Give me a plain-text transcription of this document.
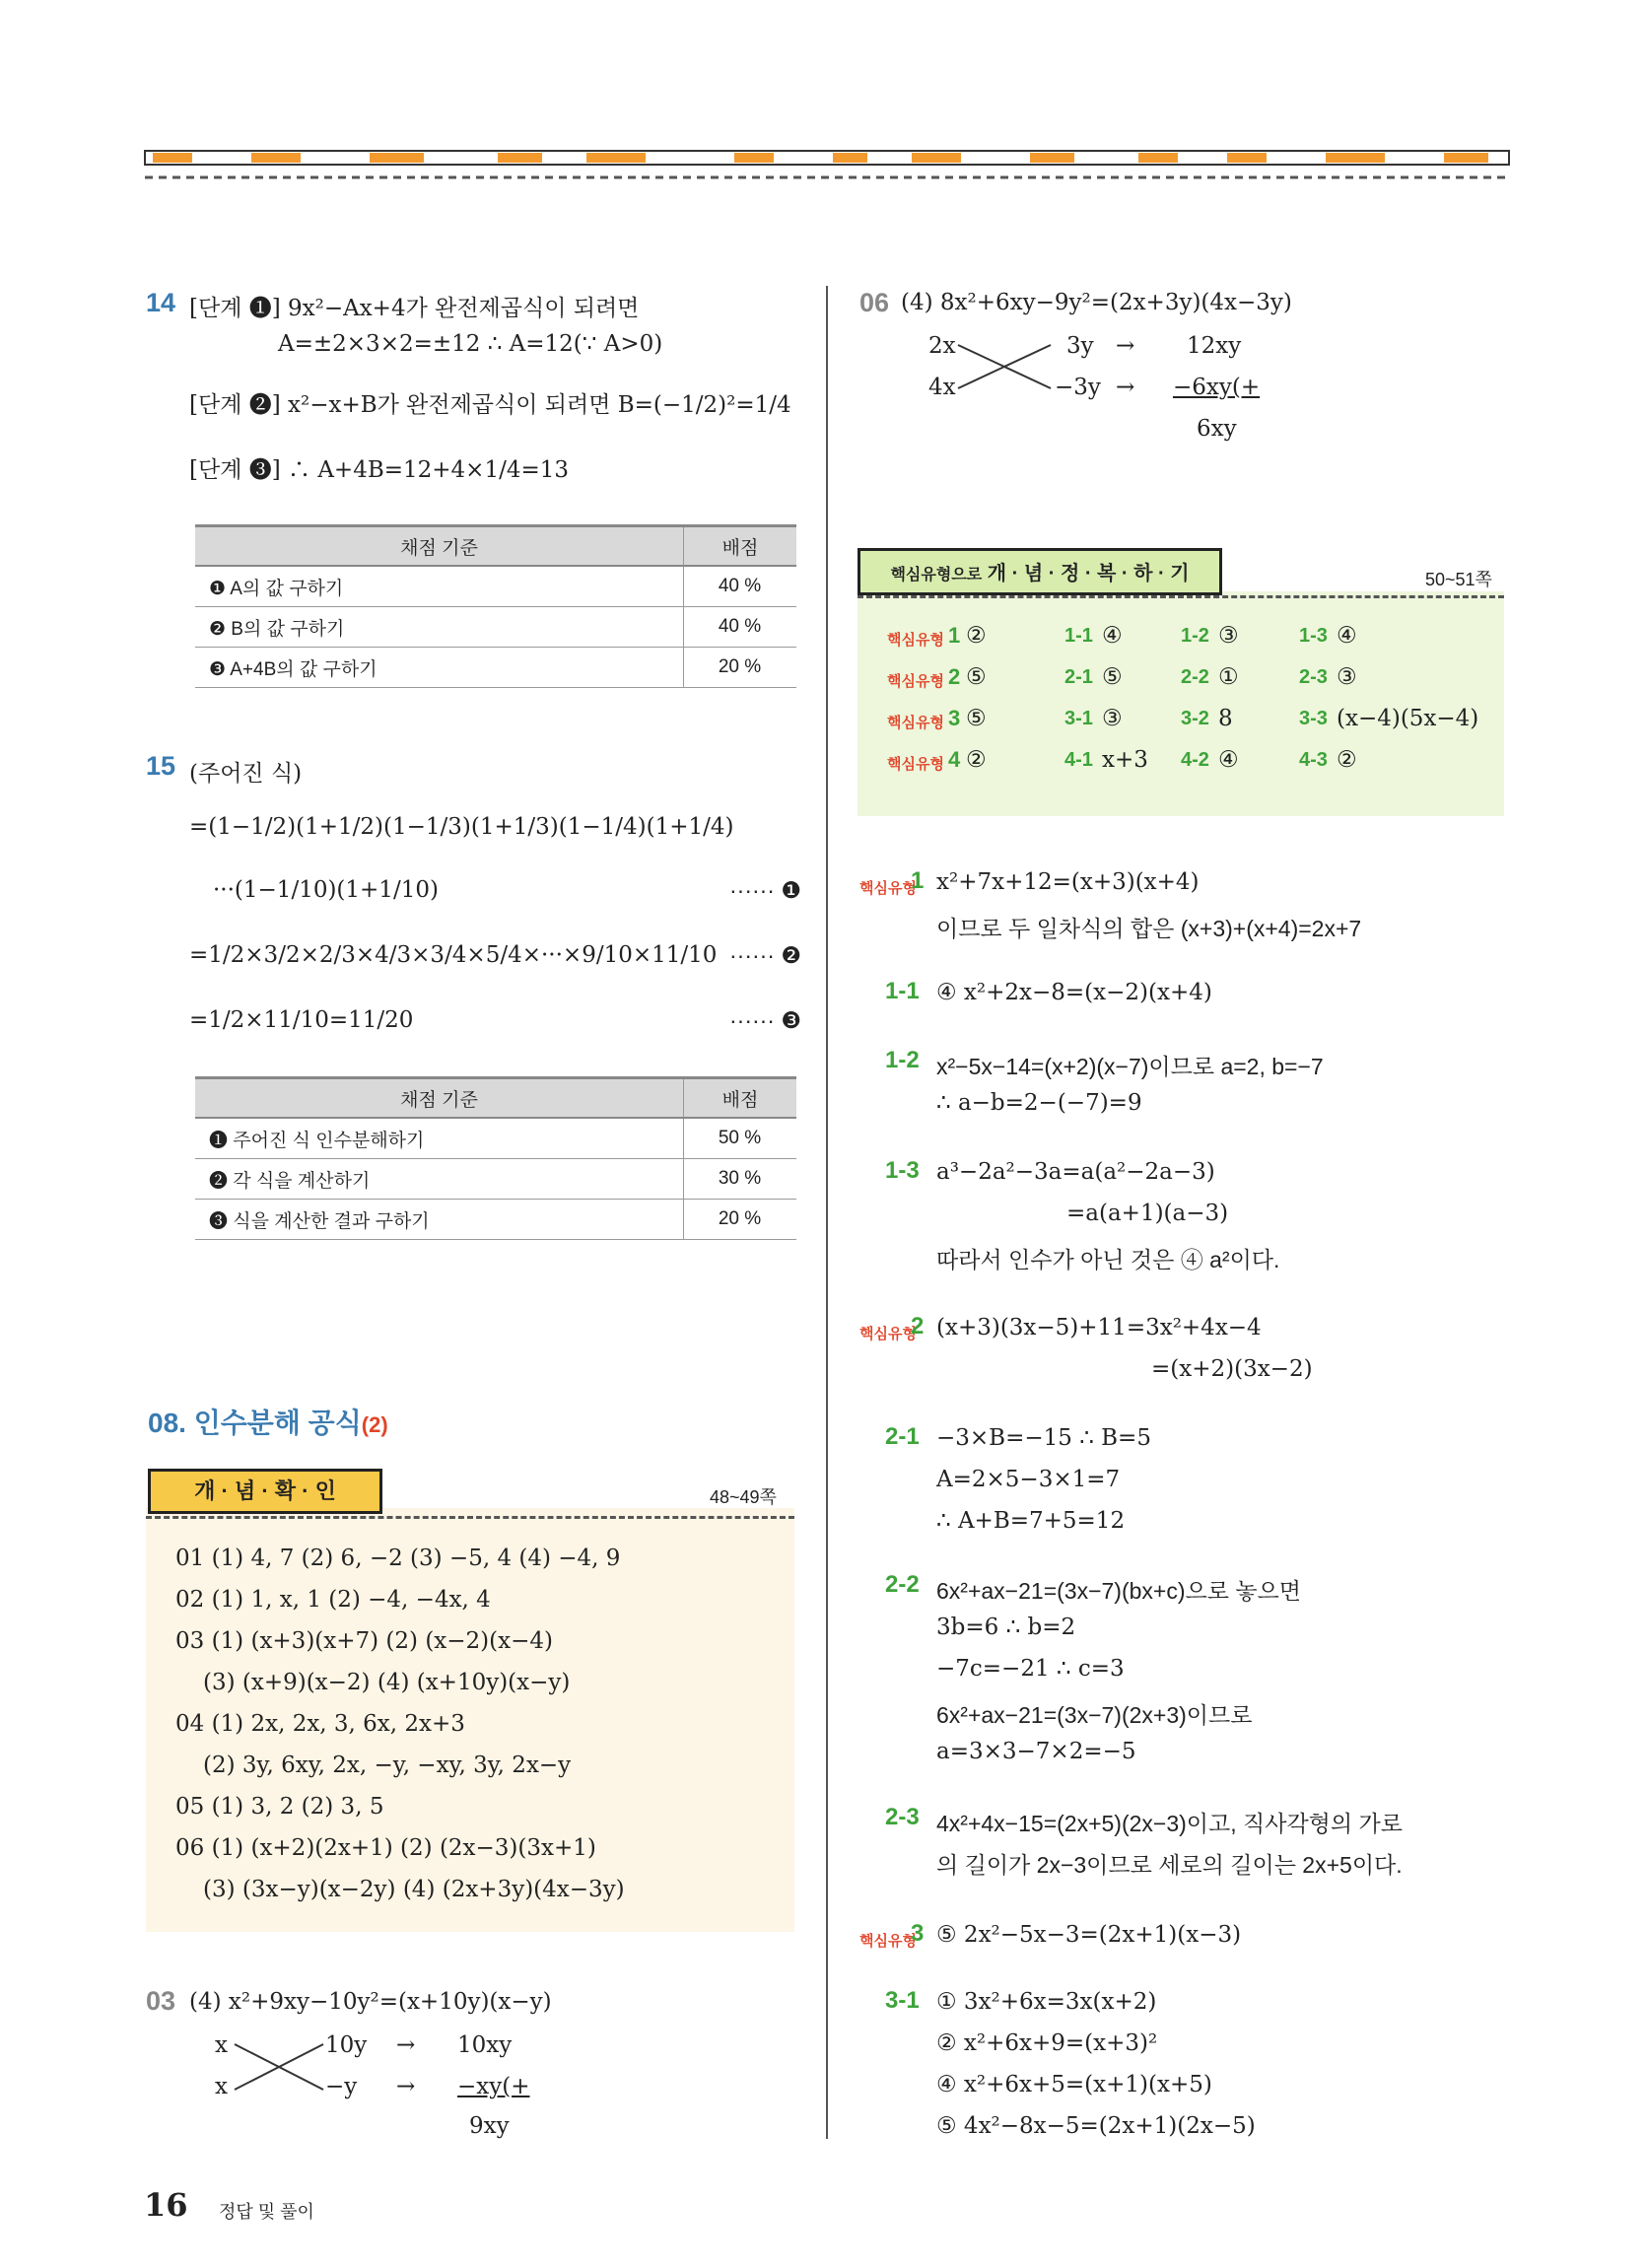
14 [단계 ❶] 9x²−Ax+4가 완전제곱식이 되려면
A=±2×3×2=±12 ∴ A=12(∵ A>0)
[단계 ❷] x²−x+B가 완전제곱식이 되려면 B=(−1/2)²=1/4
[단계 ❸] ∴ A+4B=12+4×1/4=13
채점 기준	배점
❶ A의 값 구하기	40 %
❷ B의 값 구하기	40 %
❸ A+4B의 값 구하기	20 %
15 (주어진 식)
=(1−1/2)(1+1/2)(1−1/3)(1+1/3)(1−1/4)(1+1/4)
···(1−1/10)(1+1/10)	······ ❶
=1/2×3/2×2/3×4/3×3/4×5/4×···×9/10×11/10 ······ ❷
=1/2×11/10=11/20	······ ❸
채점 기준	배점
❶ 주어진 식 인수분해하기	50 %
❷ 각 식을 계산하기	30 %
❸ 식을 계산한 결과 구하기	20 %
08. 인수분해 공식(2)
개 · 념 · 확 · 인	48~49쪽
01 (1) 4, 7 (2) 6, −2 (3) −5, 4 (4) −4, 9
02 (1) 1, x, 1 (2) −4, −4x, 4
03 (1) (x+3)(x+7) (2) (x−2)(x−4)
(3) (x+9)(x−2) (4) (x+10y)(x−y)
04 (1) 2x, 2x, 3, 6x, 2x+3
(2) 3y, 6xy, 2x, −y, −xy, 3y, 2x−y
05 (1) 3, 2 (2) 3, 5
06 (1) (x+2)(2x+1) (2) (2x−3)(3x+1)
(3) (3x−y)(x−2y) (4) (2x+3y)(4x−3y)
03 (4) x²+9xy−10y²=(x+10y)(x−y)
x	10y → 10xy
x	−y → −xy(+
9xy
06 (4) 8x²+6xy−9y²=(2x+3y)(4x−3y)
2x	3y → 12xy
4x	−3y → −6xy(+
6xy
핵심유형으로 개 · 념 · 정 · 복 · 하 · 기	50~51쪽
핵심유형 1 ②	1-1 ④	1-2 ③	1-3 ④
핵심유형 2 ⑤	2-1 ⑤	2-2 ①	2-3 ③
핵심유형 3 ⑤	3-1 ③	3-2 8	3-3 (x−4)(5x−4)
핵심유형 4 ②	4-1 x+3 4-2 ④	4-3 ②
핵심유형
1 x²+7x+12=(x+3)(x+4)
이므로 두 일차식의 합은 (x+3)+(x+4)=2x+7
1-1 ④ x²+2x−8=(x−2)(x+4)
1-2 x²−5x−14=(x+2)(x−7)이므로 a=2, b=−7
∴ a−b=2−(−7)=9
1-3 a³−2a²−3a=a(a²−2a−3)
=a(a+1)(a−3)
따라서 인수가 아닌 것은 ④ a²이다.
핵심유형
2 (x+3)(3x−5)+11=3x²+4x−4
=(x+2)(3x−2)
2-1 −3×B=−15 ∴ B=5
A=2×5−3×1=7
∴ A+B=7+5=12
2-2 6x²+ax−21=(3x−7)(bx+c)으로 놓으면
3b=6 ∴ b=2
−7c=−21 ∴ c=3
6x²+ax−21=(3x−7)(2x+3)이므로
a=3×3−7×2=−5
2-3 4x²+4x−15=(2x+5)(2x−3)이고, 직사각형의 가로
의 길이가 2x−3이므로 세로의 길이는 2x+5이다.
핵심유형
3 ⑤ 2x²−5x−3=(2x+1)(x−3)
3-1 ① 3x²+6x=3x(x+2)
② x²+6x+9=(x+3)²
④ x²+6x+5=(x+1)(x+5)
⑤ 4x²−8x−5=(2x+1)(2x−5)
16 정답 및 풀이
